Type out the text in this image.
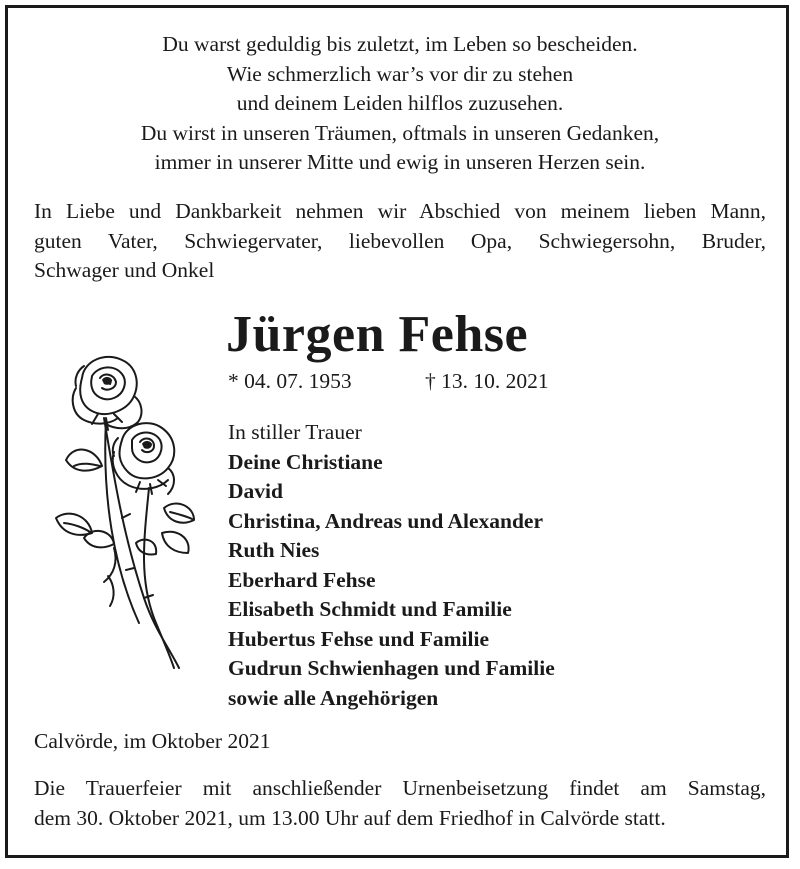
Du warst geduldig bis zuletzt, im Leben so bescheiden.
Wie schmerzlich war’s vor dir zu stehen
und deinem Leiden hilflos zuzusehen.
Du wirst in unseren Träumen, oftmals in unseren Gedanken,
immer in unserer Mitte und ewig in unseren Herzen sein.
In Liebe und Dankbarkeit nehmen wir Abschied von meinem lieben Mann,
guten Vater, Schwiegervater, liebevollen Opa, Schwiegersohn, Bruder,
Schwager und Onkel
Jürgen Fehse
* 04. 07. 1953	† 13. 10. 2021
In stiller Trauer
Deine Christiane
David
Christina, Andreas und Alexander
Ruth Nies
Eberhard Fehse
Elisabeth Schmidt und Familie
Hubertus Fehse und Familie
Gudrun Schwienhagen und Familie
sowie alle Angehörigen
Calvörde, im Oktober 2021
Die Trauerfeier mit anschließender Urnenbeisetzung findet am Samstag,
dem 30. Oktober 2021, um 13.00 Uhr auf dem Friedhof in Calvörde statt.
